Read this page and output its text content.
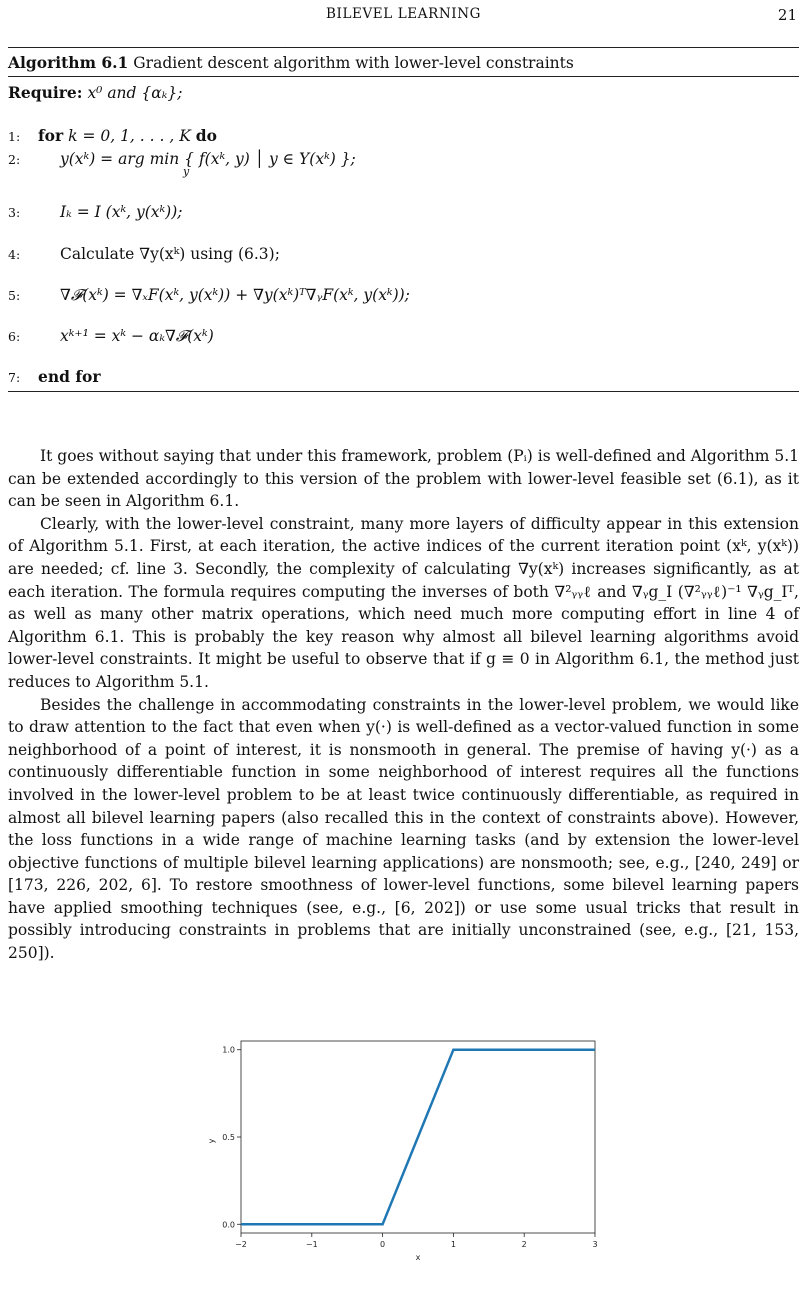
BILEVEL LEARNING	21
Algorithm 6.1 Gradient descent algorithm with lower-level constraints
Require: x⁰ and {αₖ};
1: for k = 0, 1, . . . , K do
2:	y(xᵏ) = arg min { f(xᵏ, y) │ y ∈ Y(xᵏ) };
y
3:	Iₖ = I (xᵏ, y(xᵏ));
4:	Calculate ∇y(xᵏ) using (6.3);
5:	∇𝓕(xᵏ) = ∇ₓF(xᵏ, y(xᵏ)) + ∇y(xᵏ)ᵀ∇ᵧF(xᵏ, y(xᵏ));
6:	xᵏ⁺¹ = xᵏ − αₖ∇𝓕(xᵏ)
7: end for

It goes without saying that under this framework, problem (Pᵢ) is well-defined and Algorithm 5.1 can be extended accordingly to this version of the problem with lower-level feasible set (6.1), as it can be seen in Algorithm 6.1.

Clearly, with the lower-level constraint, many more layers of difficulty appear in this extension of Algorithm 5.1. First, at each iteration, the active indices of the current iteration point (xᵏ, y(xᵏ)) are needed; cf. line 3. Secondly, the complexity of calculating ∇y(xᵏ) increases significantly, as at each iteration. The formula requires computing the inverses of both ∇²ᵧᵧℓ and ∇ᵧg_I (∇²ᵧᵧℓ)⁻¹ ∇ᵧg_Iᵀ, as well as many other matrix operations, which need much more computing effort in line 4 of Algorithm 6.1. This is probably the key reason why almost all bilevel learning algorithms avoid lower-level constraints. It might be useful to observe that if g ≡ 0 in Algorithm 6.1, the method just reduces to Algorithm 5.1.

Besides the challenge in accommodating constraints in the lower-level problem, we would like to draw attention to the fact that even when y(·) is well-defined as a vector-valued function in some neighborhood of a point of interest, it is nonsmooth in general. The premise of having y(·) as a continuously differentiable function in some neighborhood of interest requires all the functions involved in the lower-level problem to be at least twice continuously differentiable, as required in almost all bilevel learning papers (also recalled this in the context of constraints above). However, the loss functions in a wide range of machine learning tasks (and by extension the lower-level objective functions of multiple bilevel learning applications) are nonsmooth; see, e.g., [240, 249] or [173, 226, 202, 6]. To restore smoothness of lower-level functions, some bilevel learning papers have applied smoothing techniques (see, e.g., [6, 202]) or use some usual tricks that result in possibly introducing constraints in problems that are initially unconstrained (see, e.g., [21, 153, 250]).

−2	−1	0	1	2	3
0.0
0.5
1.0
x
y
